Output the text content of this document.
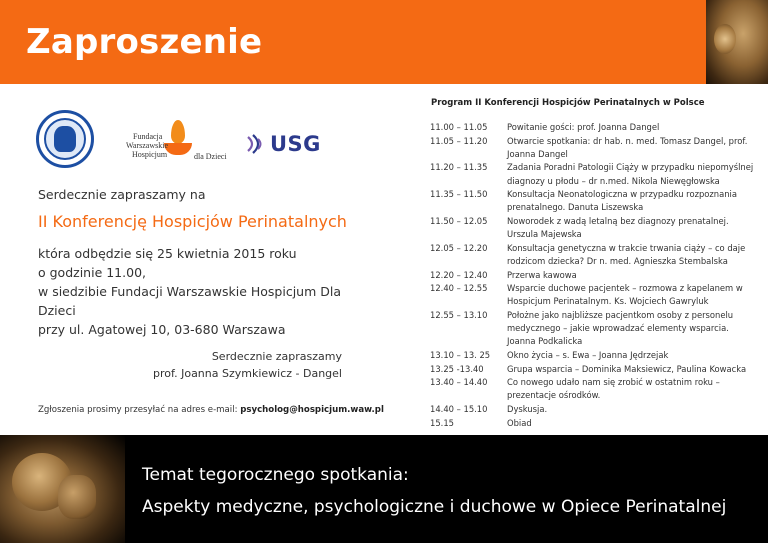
Zaproszenie
Fundacja
Warszawskie
Hospicjum	dla Dzieci
USG
Serdecznie zapraszamy na
II Konferencję Hospicjów Perinatalnych
która odbędzie się 25 kwietnia 2015 roku
o godzinie 11.00,
w siedzibie Fundacji Warszawskie Hospicjum Dla Dzieci
przy ul. Agatowej 10, 03-680 Warszawa
Serdecznie zapraszamy
prof. Joanna Szymkiewicz - Dangel
Zgłoszenia prosimy przesyłać na adres e-mail: psycholog@hospicjum.waw.pl
Program II Konferencji Hospicjów Perinatalnych w Polsce
11.00 – 11.05	Powitanie gości: prof. Joanna Dangel
11.05 – 11.20	Otwarcie spotkania: dr hab. n. med. Tomasz Dangel, prof. Joanna Dangel
11.20 – 11.35	Zadania Poradni Patologii Ciąży w przypadku niepomyślnej diagnozy u płodu – dr n.med. Nikola Niewęgłowska
11.35 – 11.50	Konsultacja Neonatologiczna w przypadku rozpoznania prenatalnego. Danuta Liszewska
11.50 – 12.05	Noworodek z wadą letalną bez diagnozy prenatalnej. Urszula Majewska
12.05 – 12.20	Konsultacja genetyczna w trakcie trwania ciąży – co daje rodzicom dziecka? Dr n. med. Agnieszka Stembalska
12.20 – 12.40	Przerwa kawowa
12.40 – 12.55	Wsparcie duchowe pacjentek – rozmowa z kapelanem w Hospicjum Perinatalnym. Ks. Wojciech Gawryluk
12.55 – 13.10	Położne jako najbliższe pacjentkom osoby z personelu medycznego – jakie wprowadzać elementy wsparcia. Joanna Podkalicka
13.10 – 13. 25	Okno życia – s. Ewa – Joanna Jędrzejak
13.25 -13.40	Grupa wsparcia – Dominika Maksiewicz, Paulina Kowacka
13.40 – 14.40	Co nowego udało nam się zrobić w ostatnim roku – prezentacje ośrodków.
14.40 – 15.10	Dyskusja.
15.15	Obiad
Temat tegorocznego spotkania:
Aspekty medyczne, psychologiczne i duchowe w Opiece Perinatalnej
